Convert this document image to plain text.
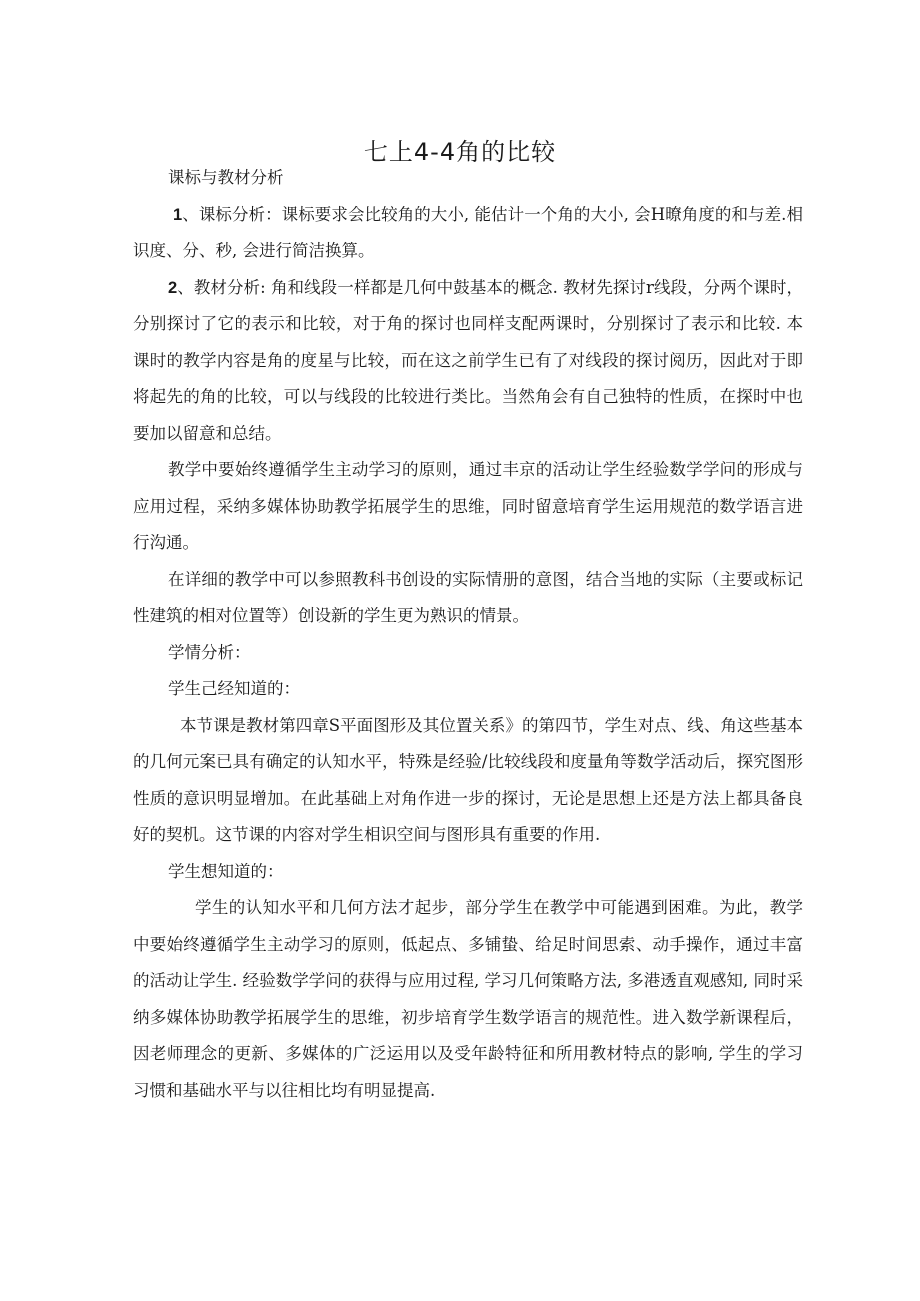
七上4-4角的比较

课标与教材分析

1、课标分析：课标要求会比较角的大小, 能估计一个角的大小, 会H暸角度的和与差.相识度、分、秒, 会进行简洁换算。

2、教材分析: 角和线段一样都是几何中鼓基本的概念. 教材先探讨r线段，分两个课时，分别探讨了它的表示和比较，对于角的探讨也同样支配两课时，分别探讨了表示和比较. 本课时的教学内容是角的度星与比较，而在这之前学生已有了对线段的探讨阅历，因此对于即将起先的角的比较，可以与线段的比较进行类比。当然角会有自己独特的性质，在探时中也要加以留意和总结。

教学中要始终遵循学生主动学习的原则，通过丰京的活动让学生经验数学学问的形成与应用过程，采纳多媒体协助教学拓展学生的思维，同时留意培育学生运用规范的数学语言进行沟通。

在详细的教学中可以参照教科书创设的实际情册的意图，结合当地的实际（主要或标记性建筑的相对位置等）创设新的学生更为熟识的情景。

学情分析：

学生己经知道的：

本节课是教材第四章S平面图形及其位置关系》的第四节，学生对点、线、角这些基本的几何元案已具有确定的认知水平，特殊是经验/比较线段和度量角等数学活动后，探究图形性质的意识明显增加。在此基础上对角作进一步的探讨，无论是思想上还是方法上都具备良好的契机。这节课的内容对学生相识空间与图形具有重要的作用.

学生想知道的：

学生的认知水平和几何方法才起步，部分学生在教学中可能遇到困难。为此，教学中要始终遵循学生主动学习的原则，低起点、多铺蛰、给足时间思索、动手操作，通过丰富的活动让学生. 经验数学学问的获得与应用过程, 学习几何策略方法, 多港透直观感知, 同时采纳多媒体协助教学拓展学生的思维，初步培育学生数学语言的规范性。进入数学新课程后，因老师理念的更新、多媒体的广泛运用以及受年龄特征和所用教材特点的影响, 学生的学习习惯和基础水平与以往相比均有明显提高.
